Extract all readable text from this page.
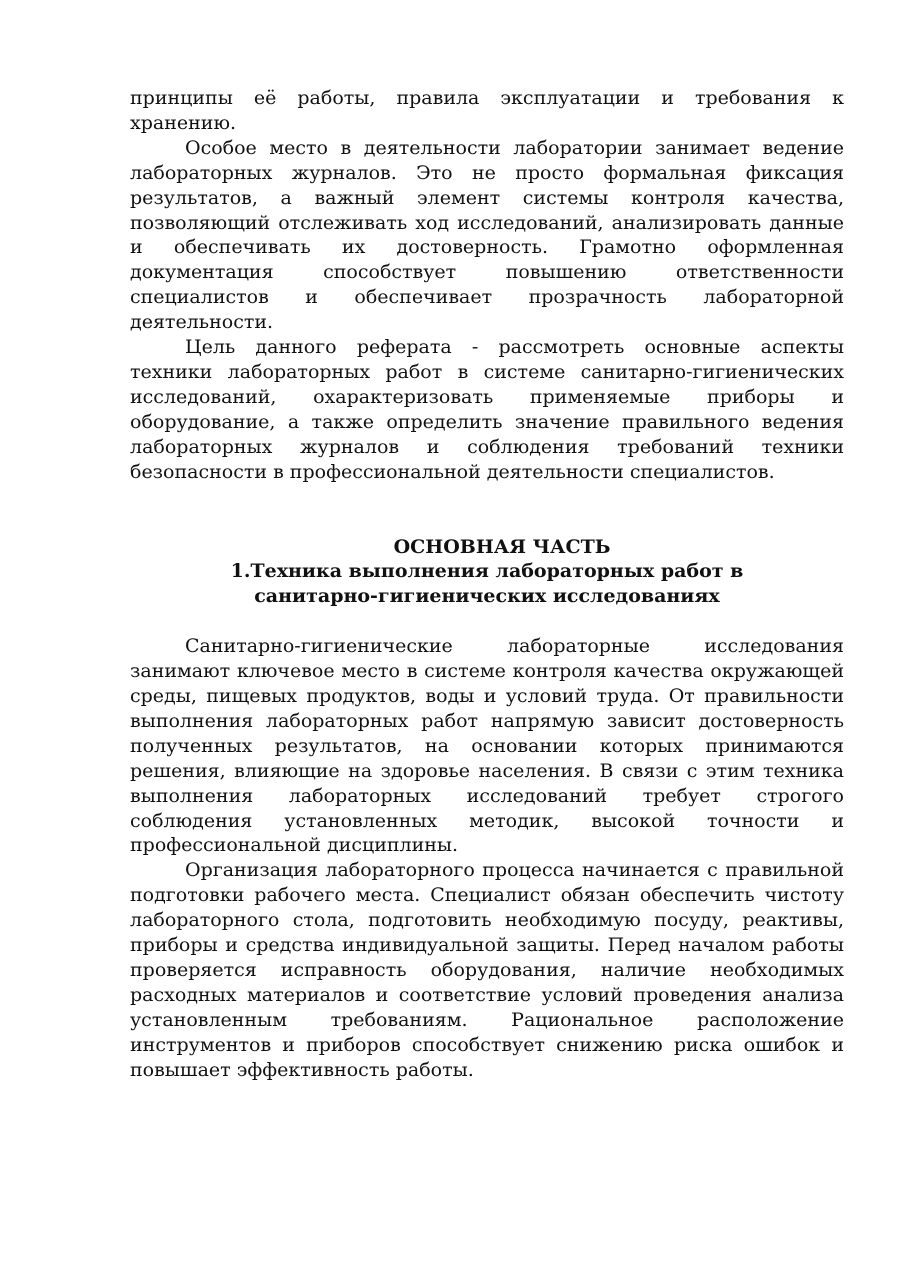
принципы её работы, правила эксплуатации и требования к хранению.

Особое место в деятельности лаборатории занимает ведение лабораторных журналов. Это не просто формальная фиксация результатов, а важный элемент системы контроля качества, позволяющий отслеживать ход исследований, анализировать данные и обеспечивать их достоверность. Грамотно оформленная документация способствует повышению ответственности специалистов и обеспечивает прозрачность лабораторной деятельности.

Цель данного реферата - рассмотреть основные аспекты техники лабораторных работ в системе санитарно-гигиенических исследований, охарактеризовать применяемые приборы и оборудование, а также определить значение правильного ведения лабораторных журналов и соблюдения требований техники безопасности в профессиональной деятельности специалистов.

ОСНОВНАЯ ЧАСТЬ

1.Техника выполнения лабораторных работ в

санитарно-гигиенических исследованиях

Санитарно-гигиенические лабораторные исследования занимают ключевое место в системе контроля качества окружающей среды, пищевых продуктов, воды и условий труда. От правильности выполнения лабораторных работ напрямую зависит достоверность полученных результатов, на основании которых принимаются решения, влияющие на здоровье населения. В связи с этим техника выполнения лабораторных исследований требует строгого соблюдения установленных методик, высокой точности и профессиональной дисциплины.

Организация лабораторного процесса начинается с правильной подготовки рабочего места. Специалист обязан обеспечить чистоту лабораторного стола, подготовить необходимую посуду, реактивы, приборы и средства индивидуальной защиты. Перед началом работы проверяется исправность оборудования, наличие необходимых расходных материалов и соответствие условий проведения анализа установленным требованиям. Рациональное расположение инструментов и приборов способствует снижению риска ошибок и повышает эффективность работы.
